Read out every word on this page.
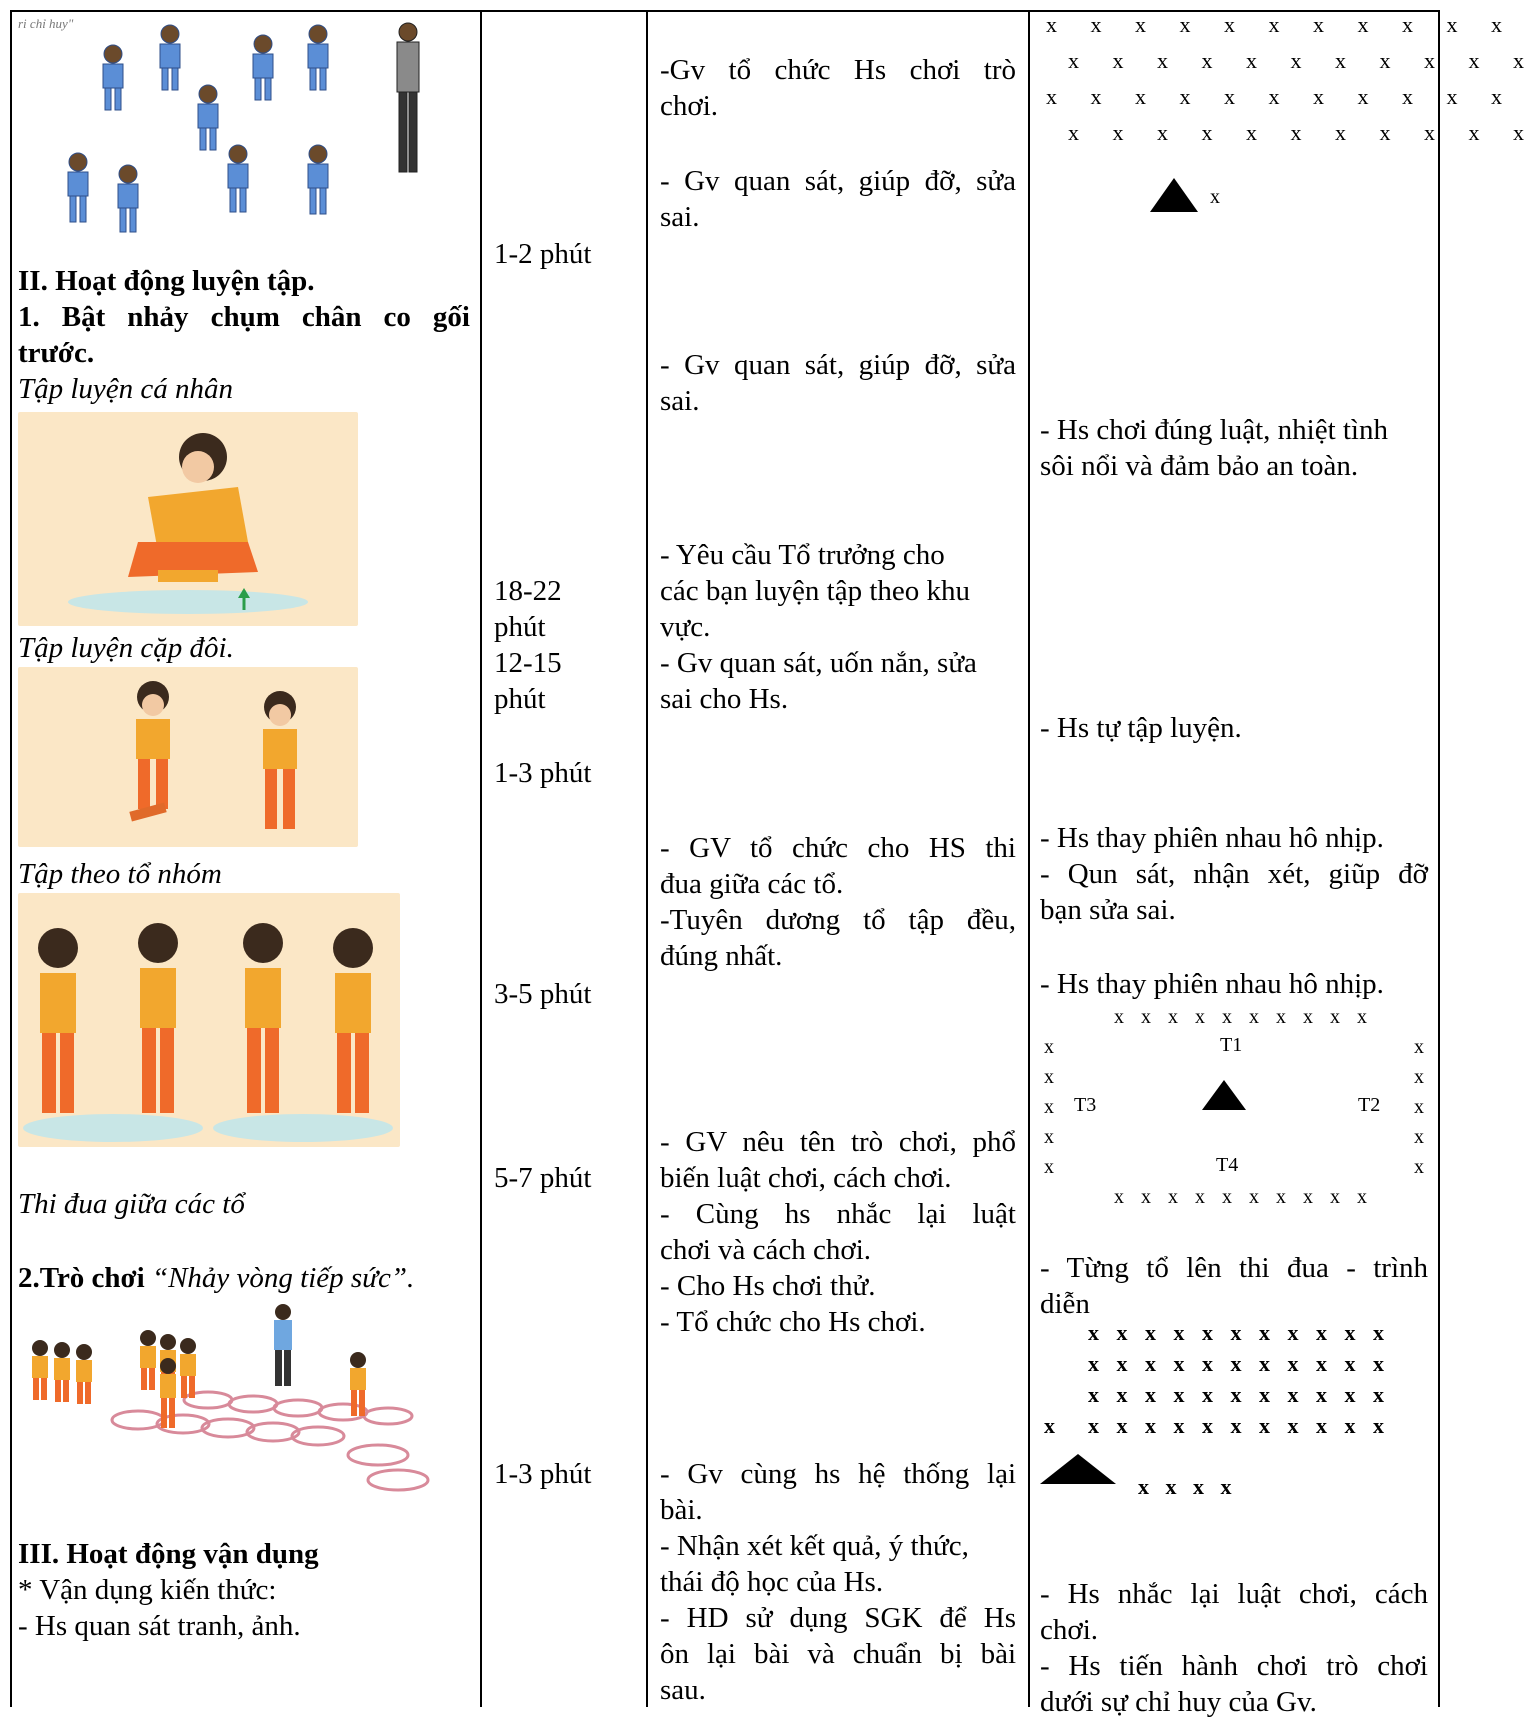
ri chỉ huy"
II. Hoạt động luyện tập.
1. Bật nhảy chụm chân co gối
trước.
Tập luyện cá nhân
Tập luyện cặp đôi.
Tập theo tổ nhóm
Thi đua giữa các tổ
2.Trò chơi “Nhảy vòng tiếp sức”.
III. Hoạt động vận dụng
* Vận dụng kiến thức:
- Hs quan sát tranh, ảnh.
1-2 phút
18-22
phút
12-15
phút
1-3 phút
3-5 phút
5-7 phút
1-3 phút
-Gv tổ chức Hs chơi trò
chơi.
- Gv quan sát, giúp đỡ, sửa
sai.
- Gv quan sát, giúp đỡ, sửa
sai.
- Yêu cầu Tổ trưởng cho
các bạn luyện tập theo khu
vực.
- Gv quan sát, uốn nắn, sửa
sai cho Hs.
- GV tổ chức cho HS thi
đua giữa các tổ.
-Tuyên dương tổ tập đều,
đúng nhất.
- GV nêu tên trò chơi, phổ
biến luật chơi, cách chơi.
- Cùng hs nhắc lại luật
chơi và cách chơi.
- Cho Hs chơi thử.
- Tổ chức cho Hs chơi.
- Gv cùng hs hệ thống lại
bài.
- Nhận xét kết quả, ý thức,
thái độ học của Hs.
- HD sử dụng SGK để Hs
ôn lại bài và chuẩn bị bài
sau.
x x x x x x x x x x x
x x x x x x x x x x x
x x x x x x x x x x x
x x x x x x x x x x x
x
- Hs chơi đúng luật, nhiệt tình
sôi nổi và đảm bảo an toàn.
- Hs tự tập luyện.
- Hs thay phiên nhau hô nhịp.
- Qun sát, nhận xét, giũp đỡ
bạn sửa sai.
- Hs thay phiên nhau hô nhịp.
x x x x x x x x x x
x
x
x
x
x
x
x
x
x
x
T1
T3	T2
T4
x x x x x x x x x x
- Từng tổ lên thi đua - trình
diễn
x x x x x x x x x x x
x x x x x x x x x x x
x x x x x x x x x x x
x x x x x x x x x x x x
x   x   x   x
- Hs nhắc lại luật chơi, cách
chơi.
- Hs tiến hành chơi trò chơi
dưới sự chỉ huy của Gv.
